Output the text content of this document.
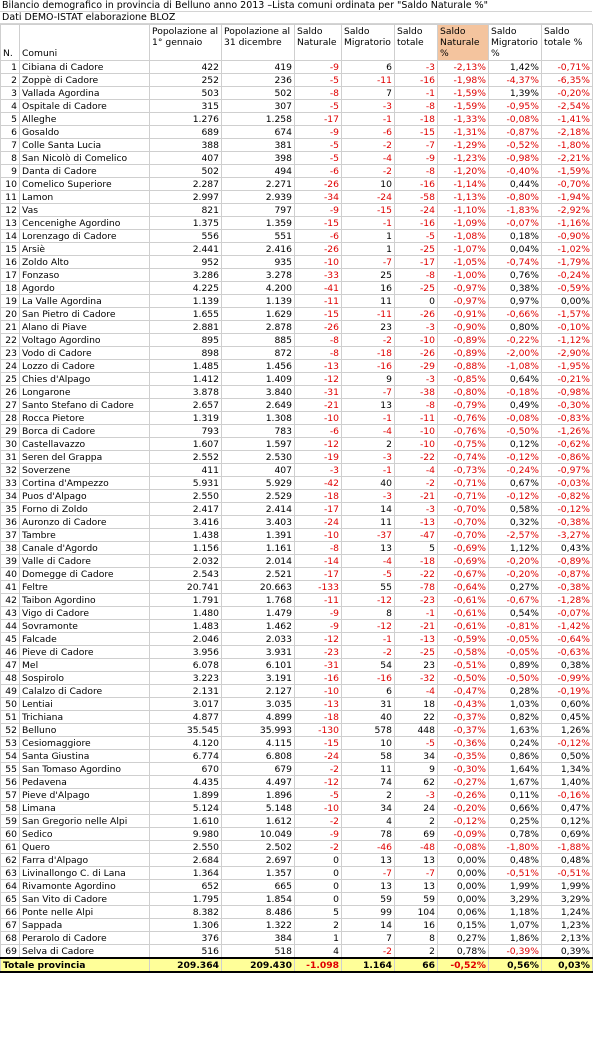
Bilancio demografico in provincia di Belluno anno 2013 –Lista comuni ordinata per "Saldo Naturale %"
Dati DEMO-ISTAT elaborazione BLOZ
N.	Comuni	Popolazione al 1° gennaio	Popolazione al 31 dicembre	Saldo Naturale	Saldo Migratorio	Saldo totale	Saldo Naturale %	Saldo Migratorio %	Saldo totale %
1	Cibiana di Cadore	422	419	-9	6	-3	-2,13%	1,42%	-0,71%
2	Zoppè di Cadore	252	236	-5	-11	-16	-1,98%	-4,37%	-6,35%
3	Vallada Agordina	503	502	-8	7	-1	-1,59%	1,39%	-0,20%
4	Ospitale di Cadore	315	307	-5	-3	-8	-1,59%	-0,95%	-2,54%
5	Alleghe	1.276	1.258	-17	-1	-18	-1,33%	-0,08%	-1,41%
6	Gosaldo	689	674	-9	-6	-15	-1,31%	-0,87%	-2,18%
7	Colle Santa Lucia	388	381	-5	-2	-7	-1,29%	-0,52%	-1,80%
8	San Nicolò di Comelico	407	398	-5	-4	-9	-1,23%	-0,98%	-2,21%
9	Danta di Cadore	502	494	-6	-2	-8	-1,20%	-0,40%	-1,59%
10	Comelico Superiore	2.287	2.271	-26	10	-16	-1,14%	0,44%	-0,70%
11	Lamon	2.997	2.939	-34	-24	-58	-1,13%	-0,80%	-1,94%
12	Vas	821	797	-9	-15	-24	-1,10%	-1,83%	-2,92%
13	Cencenighe Agordino	1.375	1.359	-15	-1	-16	-1,09%	-0,07%	-1,16%
14	Lorenzago di Cadore	556	551	-6	1	-5	-1,08%	0,18%	-0,90%
15	Arsiè	2.441	2.416	-26	1	-25	-1,07%	0,04%	-1,02%
16	Zoldo Alto	952	935	-10	-7	-17	-1,05%	-0,74%	-1,79%
17	Fonzaso	3.286	3.278	-33	25	-8	-1,00%	0,76%	-0,24%
18	Agordo	4.225	4.200	-41	16	-25	-0,97%	0,38%	-0,59%
19	La Valle Agordina	1.139	1.139	-11	11	0	-0,97%	0,97%	0,00%
20	San Pietro di Cadore	1.655	1.629	-15	-11	-26	-0,91%	-0,66%	-1,57%
21	Alano di Piave	2.881	2.878	-26	23	-3	-0,90%	0,80%	-0,10%
22	Voltago Agordino	895	885	-8	-2	-10	-0,89%	-0,22%	-1,12%
23	Vodo di Cadore	898	872	-8	-18	-26	-0,89%	-2,00%	-2,90%
24	Lozzo di Cadore	1.485	1.456	-13	-16	-29	-0,88%	-1,08%	-1,95%
25	Chies d'Alpago	1.412	1.409	-12	9	-3	-0,85%	0,64%	-0,21%
26	Longarone	3.878	3.840	-31	-7	-38	-0,80%	-0,18%	-0,98%
27	Santo Stefano di Cadore	2.657	2.649	-21	13	-8	-0,79%	0,49%	-0,30%
28	Rocca Pietore	1.319	1.308	-10	-1	-11	-0,76%	-0,08%	-0,83%
29	Borca di Cadore	793	783	-6	-4	-10	-0,76%	-0,50%	-1,26%
30	Castellavazzo	1.607	1.597	-12	2	-10	-0,75%	0,12%	-0,62%
31	Seren del Grappa	2.552	2.530	-19	-3	-22	-0,74%	-0,12%	-0,86%
32	Soverzene	411	407	-3	-1	-4	-0,73%	-0,24%	-0,97%
33	Cortina d'Ampezzo	5.931	5.929	-42	40	-2	-0,71%	0,67%	-0,03%
34	Puos d'Alpago	2.550	2.529	-18	-3	-21	-0,71%	-0,12%	-0,82%
35	Forno di Zoldo	2.417	2.414	-17	14	-3	-0,70%	0,58%	-0,12%
36	Auronzo di Cadore	3.416	3.403	-24	11	-13	-0,70%	0,32%	-0,38%
37	Tambre	1.438	1.391	-10	-37	-47	-0,70%	-2,57%	-3,27%
38	Canale d'Agordo	1.156	1.161	-8	13	5	-0,69%	1,12%	0,43%
39	Valle di Cadore	2.032	2.014	-14	-4	-18	-0,69%	-0,20%	-0,89%
40	Domegge di Cadore	2.543	2.521	-17	-5	-22	-0,67%	-0,20%	-0,87%
41	Feltre	20.741	20.663	-133	55	-78	-0,64%	0,27%	-0,38%
42	Taibon Agordino	1.791	1.768	-11	-12	-23	-0,61%	-0,67%	-1,28%
43	Vigo di Cadore	1.480	1.479	-9	8	-1	-0,61%	0,54%	-0,07%
44	Sovramonte	1.483	1.462	-9	-12	-21	-0,61%	-0,81%	-1,42%
45	Falcade	2.046	2.033	-12	-1	-13	-0,59%	-0,05%	-0,64%
46	Pieve di Cadore	3.956	3.931	-23	-2	-25	-0,58%	-0,05%	-0,63%
47	Mel	6.078	6.101	-31	54	23	-0,51%	0,89%	0,38%
48	Sospirolo	3.223	3.191	-16	-16	-32	-0,50%	-0,50%	-0,99%
49	Calalzo di Cadore	2.131	2.127	-10	6	-4	-0,47%	0,28%	-0,19%
50	Lentiai	3.017	3.035	-13	31	18	-0,43%	1,03%	0,60%
51	Trichiana	4.877	4.899	-18	40	22	-0,37%	0,82%	0,45%
52	Belluno	35.545	35.993	-130	578	448	-0,37%	1,63%	1,26%
53	Cesiomaggiore	4.120	4.115	-15	10	-5	-0,36%	0,24%	-0,12%
54	Santa Giustina	6.774	6.808	-24	58	34	-0,35%	0,86%	0,50%
55	San Tomaso Agordino	670	679	-2	11	9	-0,30%	1,64%	1,34%
56	Pedavena	4.435	4.497	-12	74	62	-0,27%	1,67%	1,40%
57	Pieve d'Alpago	1.899	1.896	-5	2	-3	-0,26%	0,11%	-0,16%
58	Limana	5.124	5.148	-10	34	24	-0,20%	0,66%	0,47%
59	San Gregorio nelle Alpi	1.610	1.612	-2	4	2	-0,12%	0,25%	0,12%
60	Sedico	9.980	10.049	-9	78	69	-0,09%	0,78%	0,69%
61	Quero	2.550	2.502	-2	-46	-48	-0,08%	-1,80%	-1,88%
62	Farra d'Alpago	2.684	2.697	0	13	13	0,00%	0,48%	0,48%
63	Livinallongo C. di Lana	1.364	1.357	0	-7	-7	0,00%	-0,51%	-0,51%
64	Rivamonte Agordino	652	665	0	13	13	0,00%	1,99%	1,99%
65	San Vito di Cadore	1.795	1.854	0	59	59	0,00%	3,29%	3,29%
66	Ponte nelle Alpi	8.382	8.486	5	99	104	0,06%	1,18%	1,24%
67	Sappada	1.306	1.322	2	14	16	0,15%	1,07%	1,23%
68	Perarolo di Cadore	376	384	1	7	8	0,27%	1,86%	2,13%
69	Selva di Cadore	516	518	4	-2	2	0,78%	-0,39%	0,39%
Totale provincia		209.364	209.430	-1.098	1.164	66	-0,52%	0,56%	0,03%
